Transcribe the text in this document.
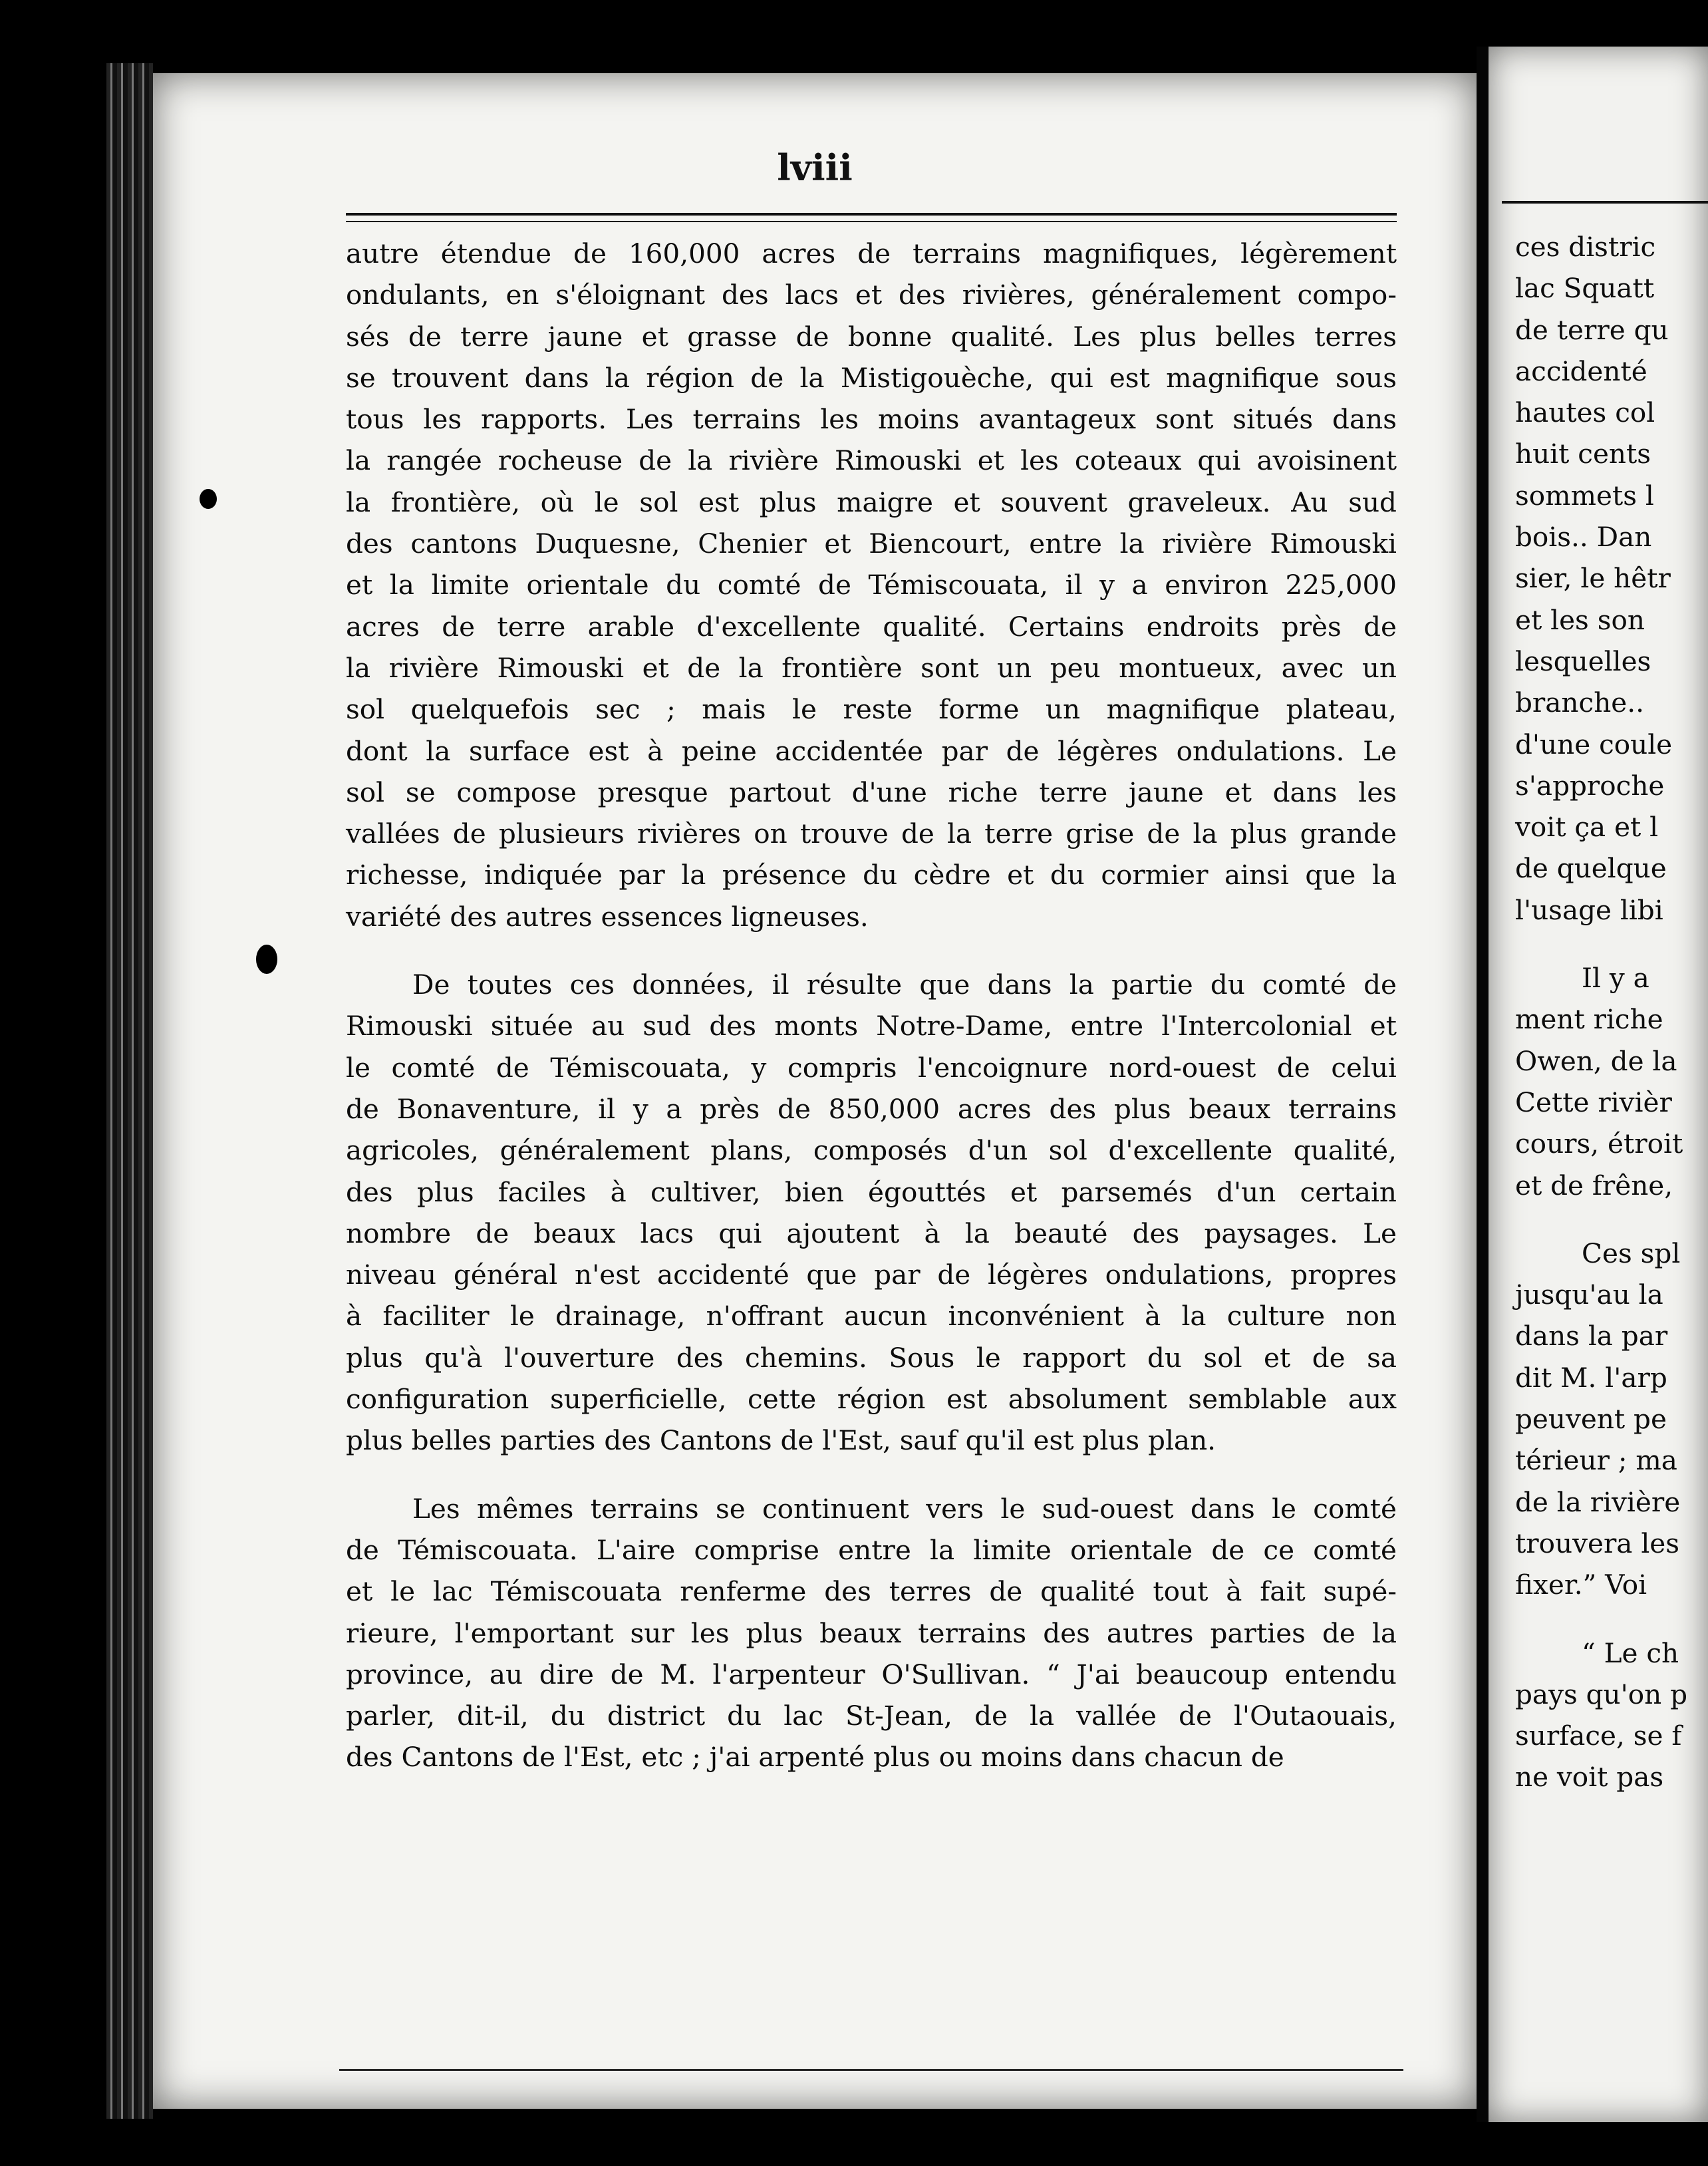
lviii
autre étendue de 160,000 acres de terrains magnifiques, légèrement
ondulants, en s'éloignant des lacs et des rivières, généralement compo-
sés de terre jaune et grasse de bonne qualité. Les plus belles terres
se trouvent dans la région de la Mistigouèche, qui est magnifique sous
tous les rapports. Les terrains les moins avantageux sont situés dans
la rangée rocheuse de la rivière Rimouski et les coteaux qui avoisinent
la frontière, où le sol est plus maigre et souvent graveleux. Au sud
des cantons Duquesne, Chenier et Biencourt, entre la rivière Rimouski
et la limite orientale du comté de Témiscouata, il y a environ 225,000
acres de terre arable d'excellente qualité. Certains endroits près de
la rivière Rimouski et de la frontière sont un peu montueux, avec un
sol quelquefois sec ; mais le reste forme un magnifique plateau,
dont la surface est à peine accidentée par de légères ondulations. Le
sol se compose presque partout d'une riche terre jaune et dans les
vallées de plusieurs rivières on trouve de la terre grise de la plus grande
richesse, indiquée par la présence du cèdre et du cormier ainsi que la
variété des autres essences ligneuses.
De toutes ces données, il résulte que dans la partie du comté de
Rimouski située au sud des monts Notre-Dame, entre l'Intercolonial et
le comté de Témiscouata, y compris l'encoignure nord-ouest de celui
de Bonaventure, il y a près de 850,000 acres des plus beaux terrains
agricoles, généralement plans, composés d'un sol d'excellente qualité,
des plus faciles à cultiver, bien égouttés et parsemés d'un certain
nombre de beaux lacs qui ajoutent à la beauté des paysages. Le
niveau général n'est accidenté que par de légères ondulations, propres
à faciliter le drainage, n'offrant aucun inconvénient à la culture non
plus qu'à l'ouverture des chemins. Sous le rapport du sol et de sa
configuration superficielle, cette région est absolument semblable aux
plus belles parties des Cantons de l'Est, sauf qu'il est plus plan.
Les mêmes terrains se continuent vers le sud-ouest dans le comté
de Témiscouata. L'aire comprise entre la limite orientale de ce comté
et le lac Témiscouata renferme des terres de qualité tout à fait supé-
rieure, l'emportant sur les plus beaux terrains des autres parties de la
province, au dire de M. l'arpenteur O'Sullivan. “ J'ai beaucoup entendu
parler, dit-il, du district du lac St-Jean, de la vallée de l'Outaouais,
des Cantons de l'Est, etc ; j'ai arpenté plus ou moins dans chacun de
ces distric
lac Squatt
de terre qu
accidenté
hautes col
huit cents
sommets l
bois.. Dan
sier, le hêtr
et les son
lesquelles
branche..
d'une coule
s'approche
voit ça et l
de quelque
l'usage libi
Il y a
ment riche
Owen, de la
Cette rivièr
cours, étroit
et de frêne,
Ces spl
jusqu'au la
dans la par
dit M. l'arp
peuvent pe
térieur ; ma
de la rivière
trouvera les
fixer.” Voi
“ Le ch
pays qu'on p
surface, se f
ne voit pas
